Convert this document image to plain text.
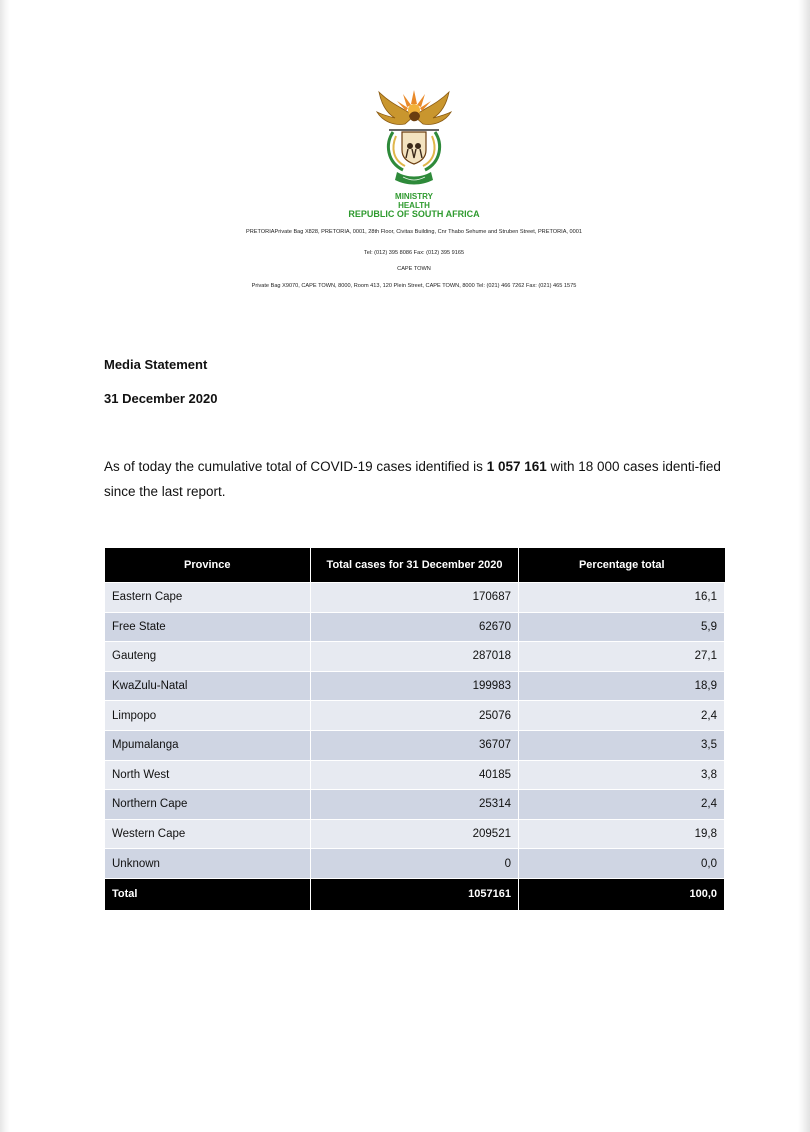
MINISTRY
HEALTH
REPUBLIC OF SOUTH AFRICA
PRETORIAPrivate Bag X828, PRETORIA, 0001, 28th Floor, Civitas Building, Cnr Thabo Sehume and Struben Street, PRETORIA, 0001
Tel: (012) 395 8086 Fax: (012) 395 9165
CAPE TOWN
Private Bag X9070, CAPE TOWN, 8000, Room 413, 120 Plein Street, CAPE TOWN, 8000 Tel: (021) 466 7262 Fax: (021) 465 1575
Media Statement
31 December 2020
As of today the cumulative total of COVID-19 cases identified is 1 057 161 with 18 000 cases identi-fied since the last report.
Province	Total cases for 31 December 2020	Percentage total
Eastern Cape	170687	16,1
Free State	62670	5,9
Gauteng	287018	27,1
KwaZulu-Natal	199983	18,9
Limpopo	25076	2,4
Mpumalanga	36707	3,5
North West	40185	3,8
Northern Cape	25314	2,4
Western Cape	209521	19,8
Unknown	0	0,0
Total	1057161	100,0
